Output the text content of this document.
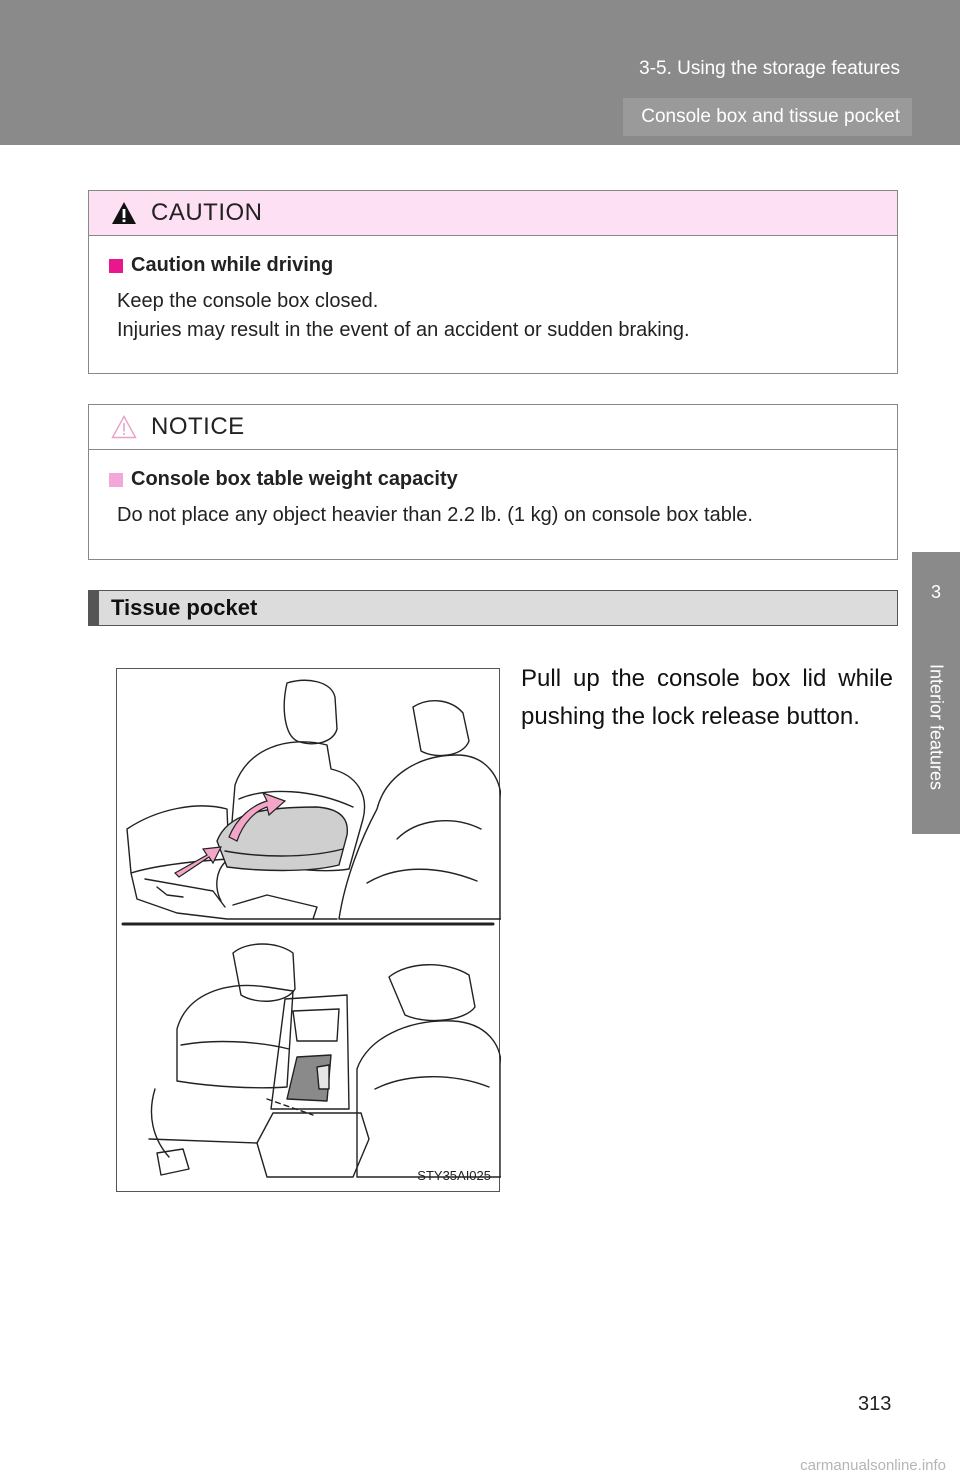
3-5. Using the storage features
Console box and tissue pocket
3
Interior features
CAUTION
Caution while driving
Keep the console box closed.
Injuries may result in the event of an accident or sudden braking.
NOTICE
Console box table weight capacity
Do not place any object heavier than 2.2 lb. (1 kg) on console box table.
Tissue pocket
STY35AI025
Pull up the console box lid while pushing the lock release button.
313
carmanualsonline.info
